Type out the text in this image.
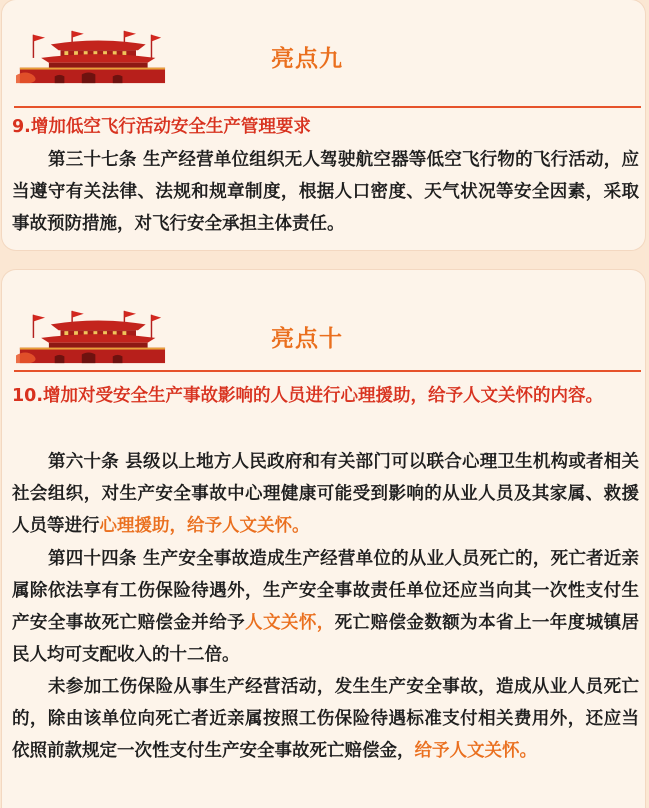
亮点九
9.增加低空飞行活动安全生产管理要求
第三十七条 生产经营单位组织无人驾驶航空器等低空飞行物的飞行活动，应当遵守有关法律、法规和规章制度，根据人口密度、天气状况等安全因素，采取事故预防措施，对飞行安全承担主体责任。
亮点十
10.增加对受安全生产事故影响的人员进行心理援助，给予人文关怀的内容。
第六十条 县级以上地方人民政府和有关部门可以联合心理卫生机构或者相关社会组织，对生产安全事故中心理健康可能受到影响的从业人员及其家属、救援人员等进行心理援助，给予人文关怀。
第四十四条 生产安全事故造成生产经营单位的从业人员死亡的，死亡者近亲属除依法享有工伤保险待遇外，生产安全事故责任单位还应当向其一次性支付生产安全事故死亡赔偿金并给予人文关怀，死亡赔偿金数额为本省上一年度城镇居民人均可支配收入的十二倍。
未参加工伤保险从事生产经营活动，发生生产安全事故，造成从业人员死亡的，除由该单位向死亡者近亲属按照工伤保险待遇标准支付相关费用外，还应当依照前款规定一次性支付生产安全事故死亡赔偿金，给予人文关怀。
